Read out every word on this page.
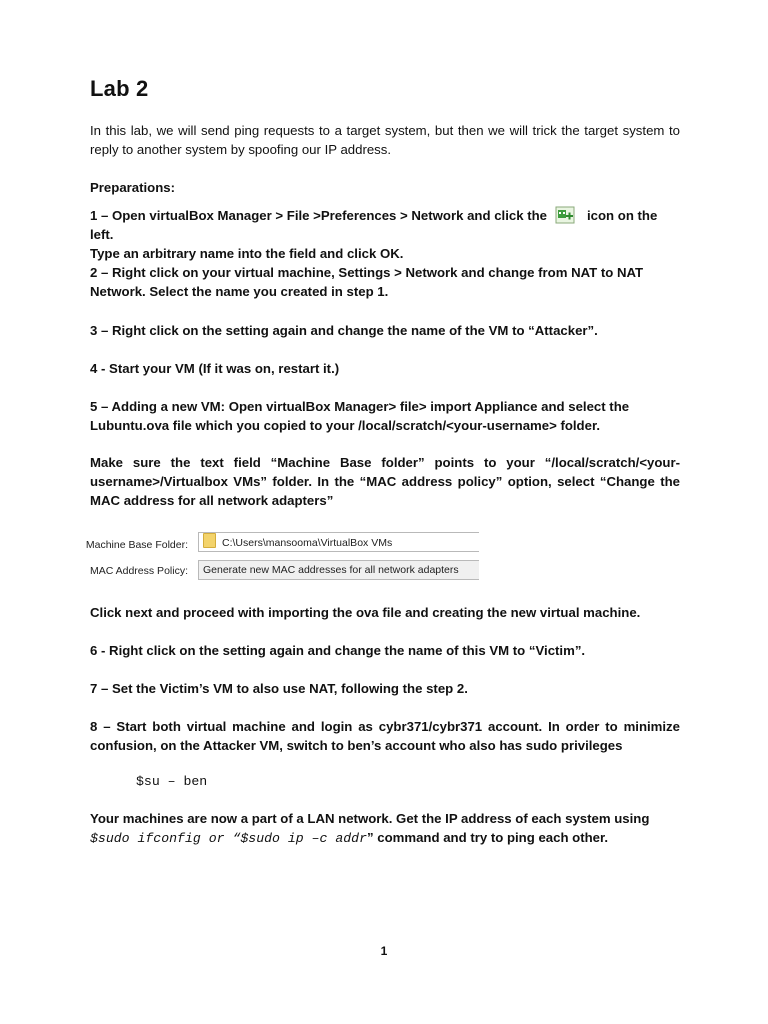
Lab 2
In this lab, we will send ping requests to a target system, but then we will trick the target system to reply to another system by spoofing our IP address.
Preparations:
1 – Open virtualBox Manager > File >Preferences > Network and click the	icon on the left.
Type an arbitrary name into the field and click OK.
2 – Right click on your virtual machine, Settings > Network and change from NAT to NAT Network. Select the name you created in step 1.
3 – Right click on the setting again and change the name of the VM to “Attacker”.
4 - Start your VM (If it was on, restart it.)
5 – Adding a new VM: Open virtualBox Manager> file> import Appliance and select the Lubuntu.ova file which you copied to your /local/scratch/<your-username> folder.
Make sure the text field “Machine Base folder” points to your “/local/scratch/<your-username>/Virtualbox VMs” folder. In the “MAC address policy” option, select “Change the MAC address for all network adapters”
Machine Base Folder:	C:\Users\mansooma\VirtualBox VMs
MAC Address Policy:	Generate new MAC addresses for all network adapters
Click next and proceed with importing the ova file and creating the new virtual machine.
6 - Right click on the setting again and change the name of this VM to “Victim”.
7 – Set the Victim’s VM to also use NAT, following the step 2.
8 – Start both virtual machine and login as cybr371/cybr371 account. In order to minimize confusion, on the Attacker VM, switch to ben’s account who also has sudo privileges
$su – ben
Your machines are now a part of a LAN network. Get the IP address of each system using $sudo ifconfig or “$sudo ip –c addr” command and try to ping each other.
1
